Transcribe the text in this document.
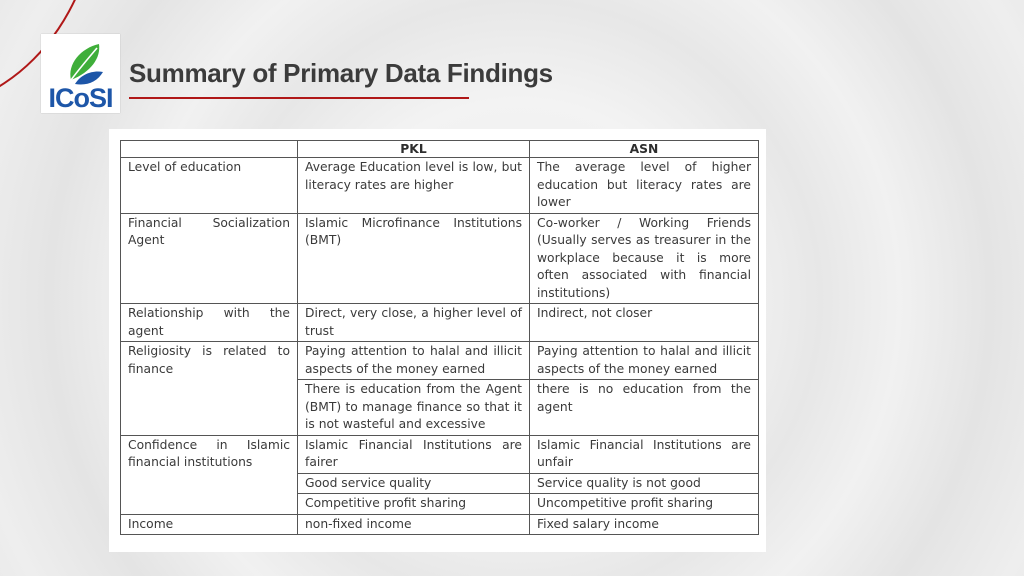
ICoSI
Summary of Primary Data Findings
	PKL	ASN
Level of education	Average Education level is low, but literacy rates are higher	The average level of higher education but literacy rates are lower
Financial Socialization Agent	Islamic Microfinance Institutions (BMT)	Co-worker / Working Friends (Usually serves as treasurer in the workplace because it is more often associated with financial institutions)
Relationship with the agent	Direct, very close, a higher level of trust	Indirect, not closer
Religiosity is related to finance	Paying attention to halal and illicit aspects of the money earned	Paying attention to halal and illicit aspects of the money earned
	There is education from the Agent (BMT) to manage finance so that it is not wasteful and excessive	there is no education from the agent
Confidence in Islamic financial institutions	Islamic Financial Institutions are fairer	Islamic Financial Institutions are unfair
	Good service quality	Service quality is not good
	Competitive profit sharing	Uncompetitive profit sharing
Income	non-fixed income	Fixed salary income
